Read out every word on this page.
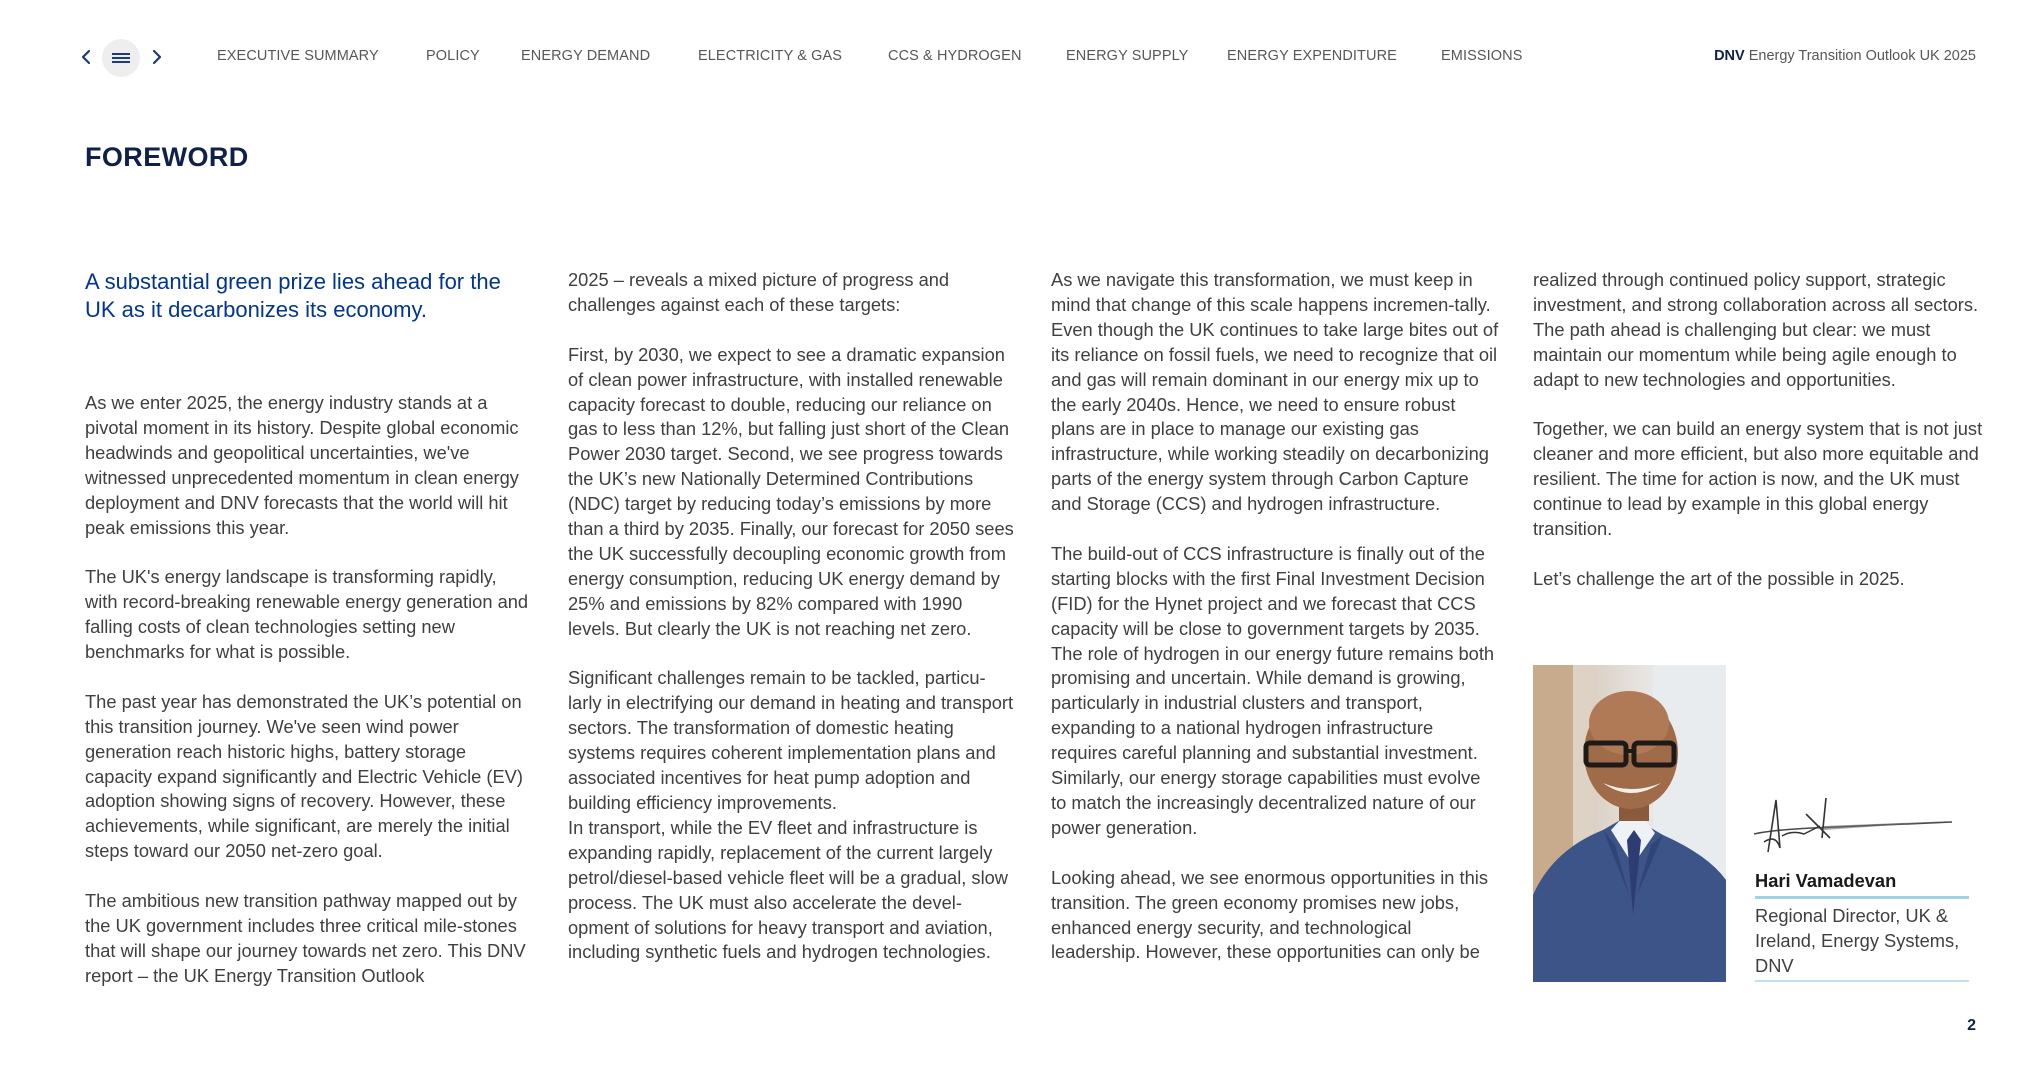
EXECUTIVE SUMMARY	POLICY	ENERGY DEMAND	ELECTRICITY & GAS	CCS & HYDROGEN	ENERGY SUPPLY	ENERGY EXPENDITURE	EMISSIONS	DNV Energy Transition Outlook UK 2025
FOREWORD

A substantial green prize lies ahead for the UK as it decarbonizes its economy.

As we enter 2025, the energy industry stands at a pivotal moment in its history. Despite global economic headwinds and geopolitical uncertainties, we've witnessed unprecedented momentum in clean energy deployment and DNV forecasts that the world will hit peak emissions this year.

The UK's energy landscape is transforming rapidly, with record-breaking renewable energy generation and falling costs of clean technologies setting new benchmarks for what is possible.

The past year has demonstrated the UK’s potential on this transition journey. We've seen wind power generation reach historic highs, battery storage capacity expand significantly and Electric Vehicle (EV) adoption showing signs of recovery. However, these achievements, while significant, are merely the initial steps toward our 2050 net-zero goal.

The ambitious new transition pathway mapped out by the UK government includes three critical mile-stones that will shape our journey towards net zero. This DNV report – the UK Energy Transition Outlook

2025 – reveals a mixed picture of progress and challenges against each of these targets:

First, by 2030, we expect to see a dramatic expansion of clean power infrastructure, with installed renewable capacity forecast to double, reducing our reliance on gas to less than 12%, but falling just short of the Clean Power 2030 target. Second, we see progress towards the UK’s new Nationally Determined Contributions (NDC) target by reducing today’s emissions by more than a third by 2035. Finally, our forecast for 2050 sees the UK successfully decoupling economic growth from energy consumption, reducing UK energy demand by 25% and emissions by 82% compared with 1990 levels. But clearly the UK is not reaching net zero.

Significant challenges remain to be tackled, particu-larly in electrifying our demand in heating and transport sectors. The transformation of domestic heating systems requires coherent implementation plans and associated incentives for heat pump adoption and building efficiency improvements.

In transport, while the EV fleet and infrastructure is expanding rapidly, replacement of the current largely petrol/diesel-based vehicle fleet will be a gradual, slow process. The UK must also accelerate the devel-opment of solutions for heavy transport and aviation, including synthetic fuels and hydrogen technologies.

As we navigate this transformation, we must keep in mind that change of this scale happens incremen-tally. Even though the UK continues to take large bites out of its reliance on fossil fuels, we need to recognize that oil and gas will remain dominant in our energy mix up to the early 2040s. Hence, we need to ensure robust plans are in place to manage our existing gas infrastructure, while working steadily on decarbonizing parts of the energy system through Carbon Capture and Storage (CCS) and hydrogen infrastructure.

The build-out of CCS infrastructure is finally out of the starting blocks with the first Final Investment Decision (FID) for the Hynet project and we forecast that CCS capacity will be close to government targets by 2035. The role of hydrogen in our energy future remains both promising and uncertain. While demand is growing, particularly in industrial clusters and transport, expanding to a national hydrogen infrastructure requires careful planning and substantial investment. Similarly, our energy storage capabilities must evolve to match the increasingly decentralized nature of our power generation.

Looking ahead, we see enormous opportunities in this transition. The green economy promises new jobs, enhanced energy security, and technological leadership. However, these opportunities can only be

realized through continued policy support, strategic investment, and strong collaboration across all sectors. The path ahead is challenging but clear: we must maintain our momentum while being agile enough to adapt to new technologies and opportunities.

Together, we can build an energy system that is not just cleaner and more efficient, but also more equitable and resilient. The time for action is now, and the UK must continue to lead by example in this global energy transition.

Let’s challenge the art of the possible in 2025.

Hari Vamadevan
Regional Director, UK & Ireland, Energy Systems, DNV
2
